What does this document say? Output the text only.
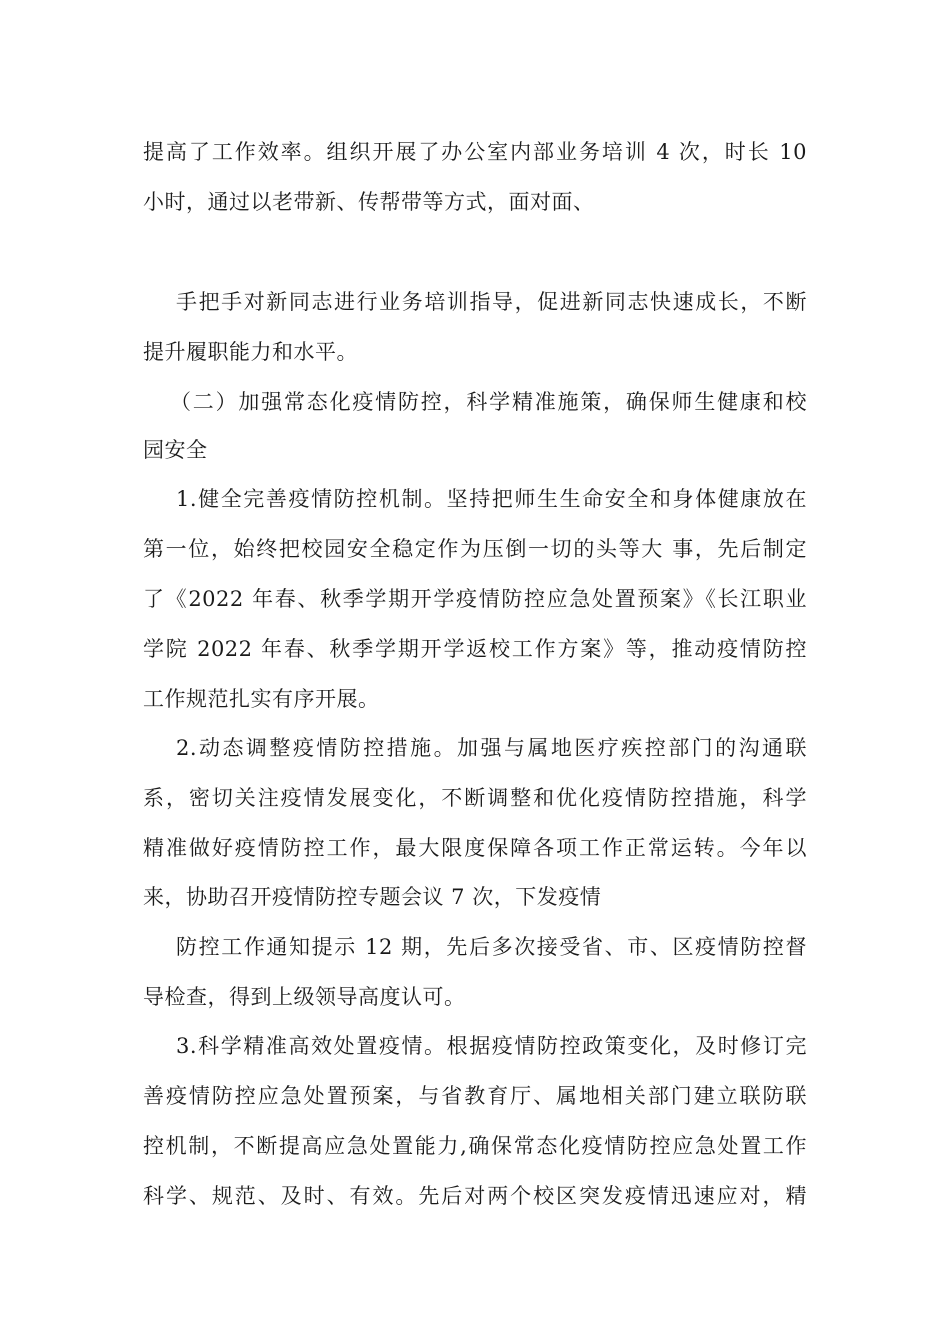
提高了工作效率。组织开展了办公室内部业务培训 4 次，时长 10
小时，通过以老带新、传帮带等方式，面对面、
手把手对新同志进行业务培训指导，促进新同志快速成长，不断
提升履职能力和水平。
（二）加强常态化疫情防控，科学精准施策，确保师生健康和校
园安全
1.健全完善疫情防控机制。坚持把师生生命安全和身体健康放在
第一位，始终把校园安全稳定作为压倒一切的头等大 事，先后制定
了《2022 年春、秋季学期开学疫情防控应急处置预案》《长江职业
学院 2022 年春、秋季学期开学返校工作方案》等，推动疫情防控
工作规范扎实有序开展。
2.动态调整疫情防控措施。加强与属地医疗疾控部门的沟通联
系，密切关注疫情发展变化，不断调整和优化疫情防控措施，科学
精准做好疫情防控工作，最大限度保障各项工作正常运转。今年以
来，协助召开疫情防控专题会议 7 次，下发疫情
防控工作通知提示 12 期，先后多次接受省、市、区疫情防控督
导检查，得到上级领导高度认可。
3.科学精准高效处置疫情。根据疫情防控政策变化，及时修订完
善疫情防控应急处置预案，与省教育厅、属地相关部门建立联防联
控机制，不断提高应急处置能力,确保常态化疫情防控应急处置工作
科学、规范、及时、有效。先后对两个校区突发疫情迅速应对，精
